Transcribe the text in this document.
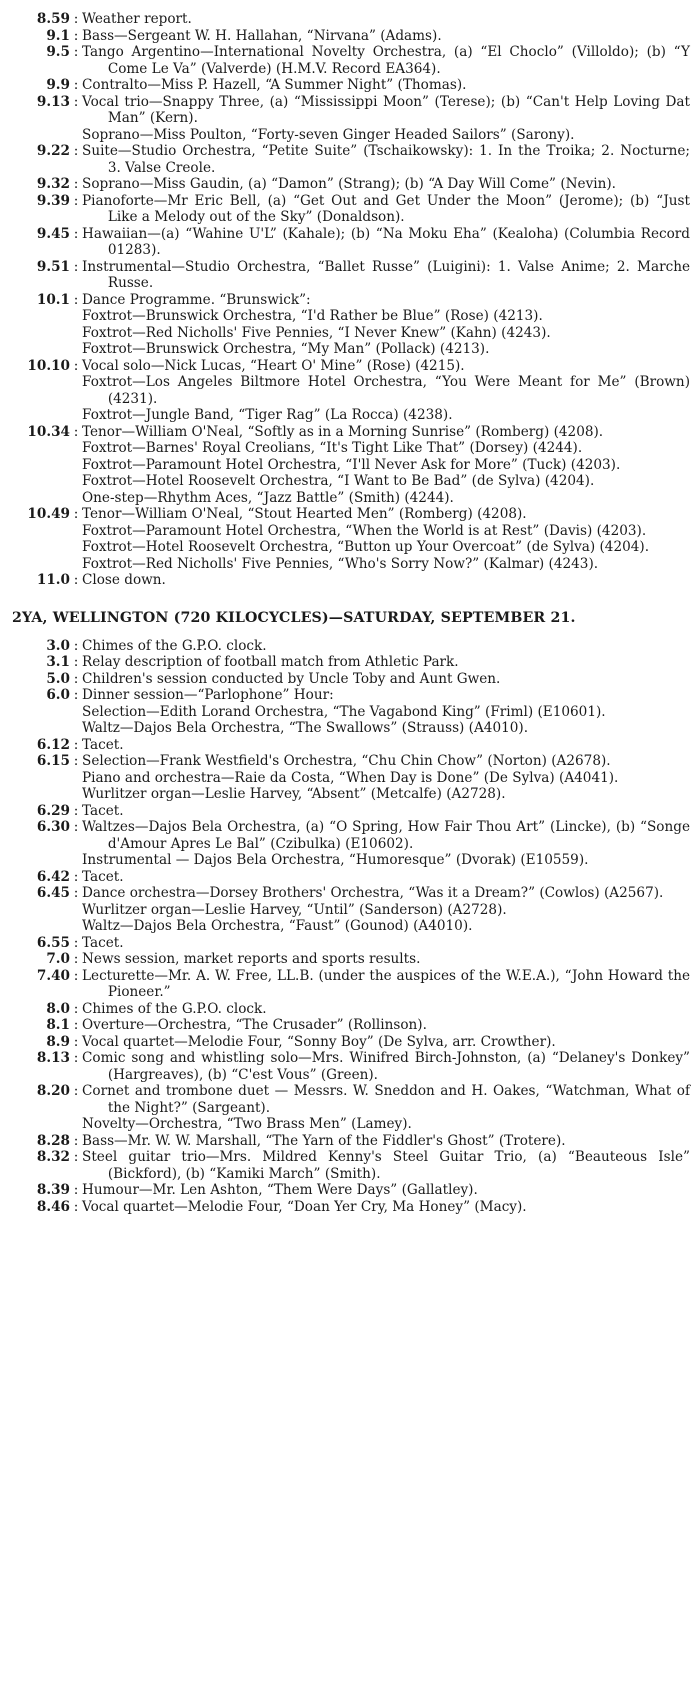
8.59 : Weather report.
9.1 : Bass—Sergeant W. H. Hallahan, “Nirvana” (Adams).
9.5 : Tango Argentino—International Novelty Orchestra, (a) “El Choclo” (Villoldo); (b) “Y Come Le Va” (Valverde) (H.M.V. Record EA364).
9.9 : Contralto—Miss P. Hazell, “A Summer Night” (Thomas).
9.13 : Vocal trio—Snappy Three, (a) “Mississippi Moon” (Terese); (b) “Can't Help Loving Dat Man” (Kern).
Soprano—Miss Poulton, “Forty-seven Ginger Headed Sailors” (Sarony).
9.22 : Suite—Studio Orchestra, “Petite Suite” (Tschaikowsky): 1. In the Troika; 2. Nocturne; 3. Valse Creole.
9.32 : Soprano—Miss Gaudin, (a) “Damon” (Strang); (b) “A Day Will Come” (Nevin).
9.39 : Pianoforte—Mr Eric Bell, (a) “Get Out and Get Under the Moon” (Jerome); (b) “Just Like a Melody out of the Sky” (Donaldson).
9.45 : Hawaiian—(a) “Wahine U'L” (Kahale); (b) “Na Moku Eha” (Kealoha) (Columbia Record 01283).
9.51 : Instrumental—Studio Orchestra, “Ballet Russe” (Luigini): 1. Valse Anime; 2. Marche Russe.
10.1 : Dance Programme. “Brunswick”:
Foxtrot—Brunswick Orchestra, “I'd Rather be Blue” (Rose) (4213).
Foxtrot—Red Nicholls' Five Pennies, “I Never Knew” (Kahn) (4243).
Foxtrot—Brunswick Orchestra, “My Man” (Pollack) (4213).
10.10 : Vocal solo—Nick Lucas, “Heart O' Mine” (Rose) (4215).
Foxtrot—Los Angeles Biltmore Hotel Orchestra, “You Were Meant for Me” (Brown) (4231).
Foxtrot—Jungle Band, “Tiger Rag” (La Rocca) (4238).
10.34 : Tenor—William O'Neal, “Softly as in a Morning Sunrise” (Romberg) (4208).
Foxtrot—Barnes' Royal Creolians, “It's Tight Like That” (Dorsey) (4244).
Foxtrot—Paramount Hotel Orchestra, “I'll Never Ask for More” (Tuck) (4203).
Foxtrot—Hotel Roosevelt Orchestra, “I Want to Be Bad” (de Sylva) (4204).
One-step—Rhythm Aces, “Jazz Battle” (Smith) (4244).
10.49 : Tenor—William O'Neal, “Stout Hearted Men” (Romberg) (4208).
Foxtrot—Paramount Hotel Orchestra, “When the World is at Rest” (Davis) (4203).
Foxtrot—Hotel Roosevelt Orchestra, “Button up Your Overcoat” (de Sylva) (4204).
Foxtrot—Red Nicholls' Five Pennies, “Who's Sorry Now?” (Kalmar) (4243).
11.0 : Close down.
2YA, WELLINGTON (720 KILOCYCLES)—SATURDAY, SEPTEMBER 21.
3.0 : Chimes of the G.P.O. clock.
3.1 : Relay description of football match from Athletic Park.
5.0 : Children's session conducted by Uncle Toby and Aunt Gwen.
6.0 : Dinner session—“Parlophone” Hour:
Selection—Edith Lorand Orchestra, “The Vagabond King” (Friml) (E10601).
Waltz—Dajos Bela Orchestra, “The Swallows” (Strauss) (A4010).
6.12 : Tacet.
6.15 : Selection—Frank Westfield's Orchestra, “Chu Chin Chow” (Norton) (A2678).
Piano and orchestra—Raie da Costa, “When Day is Done” (De Sylva) (A4041).
Wurlitzer organ—Leslie Harvey, “Absent” (Metcalfe) (A2728).
6.29 : Tacet.
6.30 : Waltzes—Dajos Bela Orchestra, (a) “O Spring, How Fair Thou Art” (Lincke), (b) “Songe d'Amour Apres Le Bal” (Czibulka) (E10602).
Instrumental — Dajos Bela Orchestra, “Humoresque” (Dvorak) (E10559).
6.42 : Tacet.
6.45 : Dance orchestra—Dorsey Brothers' Orchestra, “Was it a Dream?” (Cowlos) (A2567).
Wurlitzer organ—Leslie Harvey, “Until” (Sanderson) (A2728).
Waltz—Dajos Bela Orchestra, “Faust” (Gounod) (A4010).
6.55 : Tacet.
7.0 : News session, market reports and sports results.
7.40 : Lecturette—Mr. A. W. Free, LL.B. (under the auspices of the W.E.A.), “John Howard the Pioneer.”
8.0 : Chimes of the G.P.O. clock.
8.1 : Overture—Orchestra, “The Crusader” (Rollinson).
8.9 : Vocal quartet—Melodie Four, “Sonny Boy” (De Sylva, arr. Crowther).
8.13 : Comic song and whistling solo—Mrs. Winifred Birch-Johnston, (a) “Delaney's Donkey” (Hargreaves), (b) “C'est Vous” (Green).
8.20 : Cornet and trombone duet — Messrs. W. Sneddon and H. Oakes, “Watchman, What of the Night?” (Sargeant).
Novelty—Orchestra, “Two Brass Men” (Lamey).
8.28 : Bass—Mr. W. W. Marshall, “The Yarn of the Fiddler's Ghost” (Trotere).
8.32 : Steel guitar trio—Mrs. Mildred Kenny's Steel Guitar Trio, (a) “Beauteous Isle” (Bickford), (b) “Kamiki March” (Smith).
8.39 : Humour—Mr. Len Ashton, “Them Were Days” (Gallatley).
8.46 : Vocal quartet—Melodie Four, “Doan Yer Cry, Ma Honey” (Macy).
